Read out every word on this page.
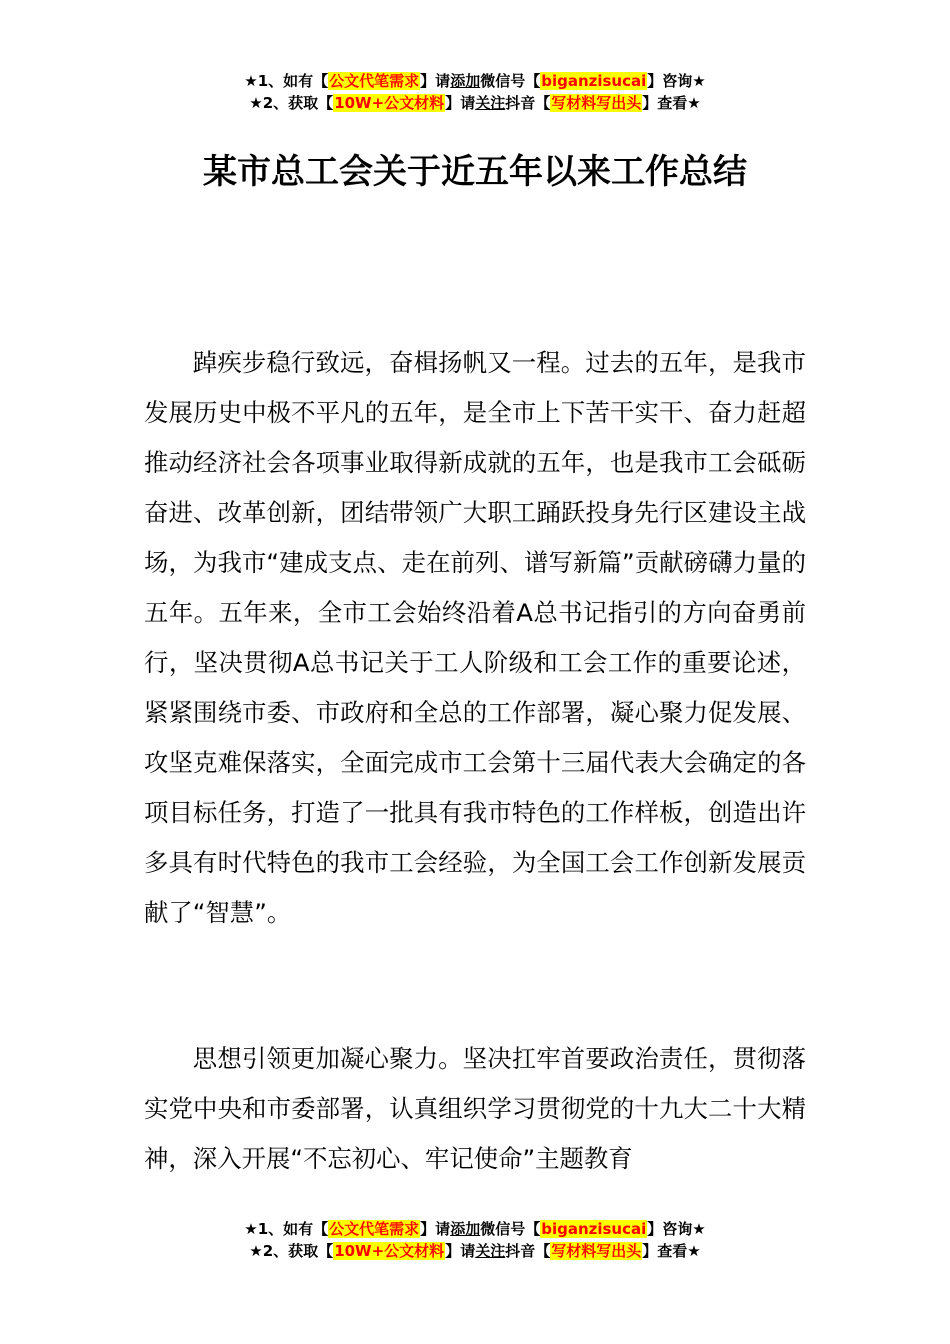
★1、如有【公文代笔需求】请添加微信号【biganzisucai】咨询★
★2、获取【10W+公文材料】请关注抖音【写材料写出头】查看★
某市总工会关于近五年以来工作总结

踔疾步稳行致远，奋楫扬帆又一程。过去的五年，是我市发展历史中极不平凡的五年，是全市上下苦干实干、奋力赶超推动经济社会各项事业取得新成就的五年，也是我市工会砥砺奋进、改革创新，团结带领广大职工踊跃投身先行区建设主战场，为我市“建成支点、走在前列、谱写新篇”贡献磅礴力量的五年。五年来，全市工会始终沿着A总书记指引的方向奋勇前行，坚决贯彻A总书记关于工人阶级和工会工作的重要论述，紧紧围绕市委、市政府和全总的工作部署，凝心聚力促发展、攻坚克难保落实，全面完成市工会第十三届代表大会确定的各项目标任务，打造了一批具有我市特色的工作样板，创造出许多具有时代特色的我市工会经验，为全国工会工作创新发展贡献了“智慧”。

思想引领更加凝心聚力。坚决扛牢首要政治责任，贯彻落实党中央和市委部署，认真组织学习贯彻党的十九大二十大精神，深入开展“不忘初心、牢记使命”主题教育

★1、如有【公文代笔需求】请添加微信号【biganzisucai】咨询★
★2、获取【10W+公文材料】请关注抖音【写材料写出头】查看★
